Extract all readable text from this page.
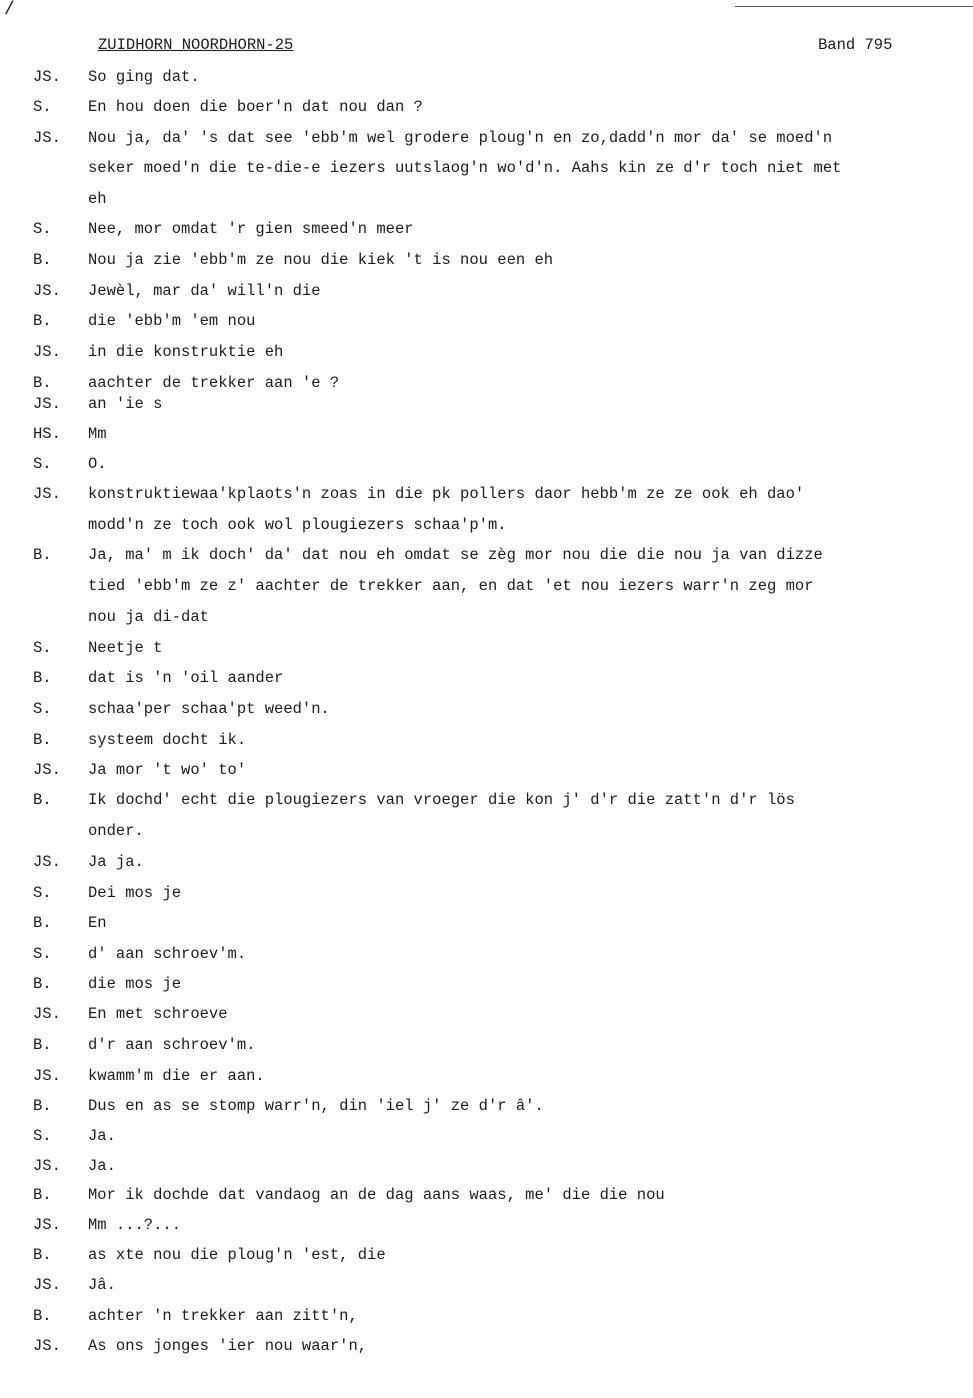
/
ZUIDHORN NOORDHORN-25	Band 795
JS. So ging dat.
S. En hou doen die boer'n dat nou dan ?
JS. Nou ja, da' 's dat see 'ebb'm wel grodere ploug'n en zo,dadd'n mor da' se moed'n
seker moed'n die te-die-e iezers uutslaog'n wo'd'n. Aahs kin ze d'r toch niet met
eh
S. Nee, mor omdat 'r gien smeed'n meer
B. Nou ja zie 'ebb'm ze nou die kiek 't is nou een eh
JS. Jewèl, mar da' will'n die
B. die 'ebb'm 'em nou
JS. in die konstruktie eh
B. aachter de trekker aan 'e ?
JS. an 'ie s
HS. Mm
S. O.
JS. konstruktiewaa'kplaots'n zoas in die pk pollers daor hebb'm ze ze ook eh dao'
modd'n ze toch ook wol plougiezers schaa'p'm.
B. Ja, ma' m ik doch' da' dat nou eh omdat se zèg mor nou die die nou ja van dizze
tied 'ebb'm ze z' aachter de trekker aan, en dat 'et nou iezers warr'n zeg mor
nou ja di-dat
S. Neetje t
B. dat is 'n 'oil aander
S. schaa'per schaa'pt weed'n.
B. systeem docht ik.
JS. Ja mor 't wo' to'
B. Ik dochd' echt die plougiezers van vroeger die kon j' d'r die zatt'n d'r lös
onder.
JS. Ja ja.
S. Dei mos je
B. En
S. d' aan schroev'm.
B. die mos je
JS. En met schroeve
B. d'r aan schroev'm.
JS. kwamm'm die er aan.
B. Dus en as se stomp warr'n, din 'iel j' ze d'r â'.
S. Ja.
JS. Ja.
B. Mor ik dochde dat vandaog an de dag aans waas, me' die die nou
JS. Mm ...?...
B. as xte nou die ploug'n 'est, die
JS. Jâ.
B. achter 'n trekker aan zitt'n,
JS. As ons jonges 'ier nou waar'n,
